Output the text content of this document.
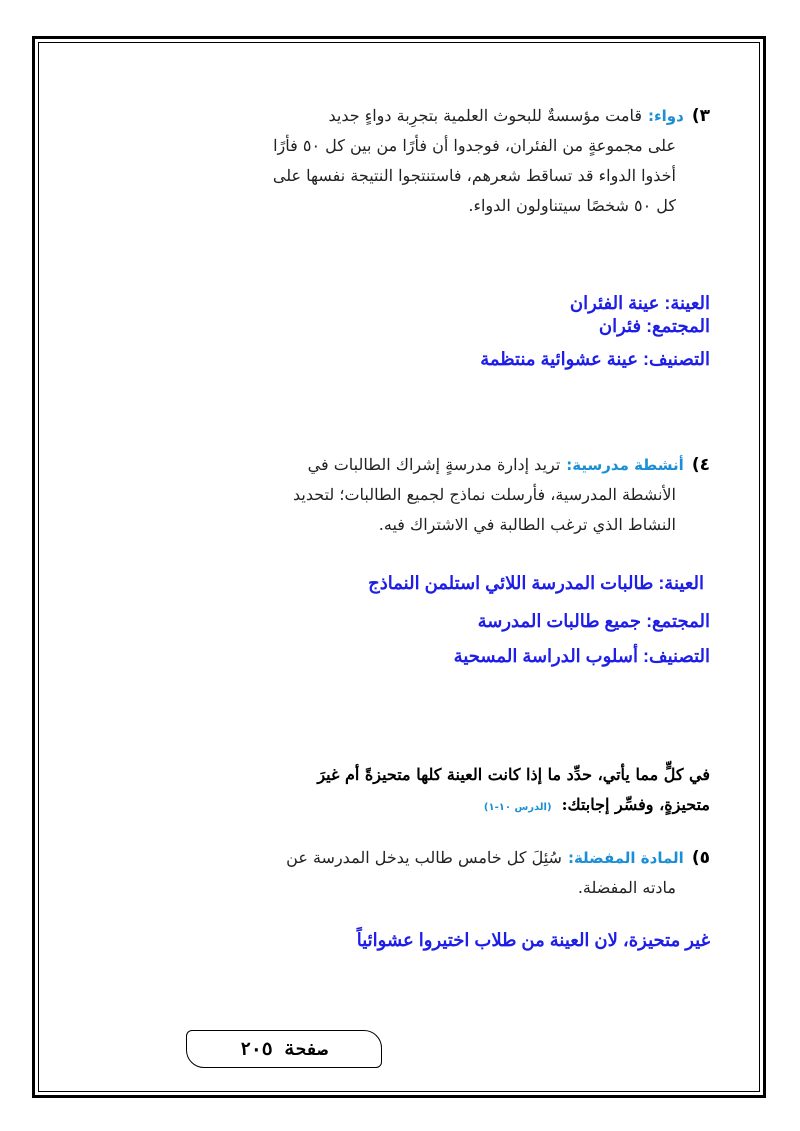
٣)دواء:قامت مؤسسةٌ للبحوث العلمية بتجرِبة دواءٍ جديد
على مجموعةٍ من الفئران، فوجدوا أن فأرًا من بين كل ٥٠ فأرًا
أخذوا الدواء قد تساقط شعرهم، فاستنتجوا النتيجة نفسها على
كل ٥٠ شخصًا سيتناولون الدواء.
العينة: عينة الفئران
المجتمع: فئران
التصنيف: عينة عشوائية منتظمة
٤)أنشطة مدرسية:تريد إدارة مدرسةٍ إشراك الطالبات في
الأنشطة المدرسية، فأرسلت نماذج لجميع الطالبات؛ لتحديد
النشاط الذي ترغب الطالبة في الاشتراك فيه.
العينة: طالبات المدرسة اللائي استلمن النماذج
المجتمع: جميع طالبات المدرسة
التصنيف: أسلوب الدراسة المسحية
في كلٍّ مما يأتي، حدِّد ما إذا كانت العينة كلها متحيزةً أم غيرَ
متحيزةٍ، وفسِّر إجابتك:(الدرس ١٠-١)
٥)المادة المفضلة:سُئِلَ كل خامس طالب يدخل المدرسة عن
مادته المفضلة.
غير متحيزة، لان العينة من طلاب اختيروا عشوائياً
صفحة
٢٠٥
